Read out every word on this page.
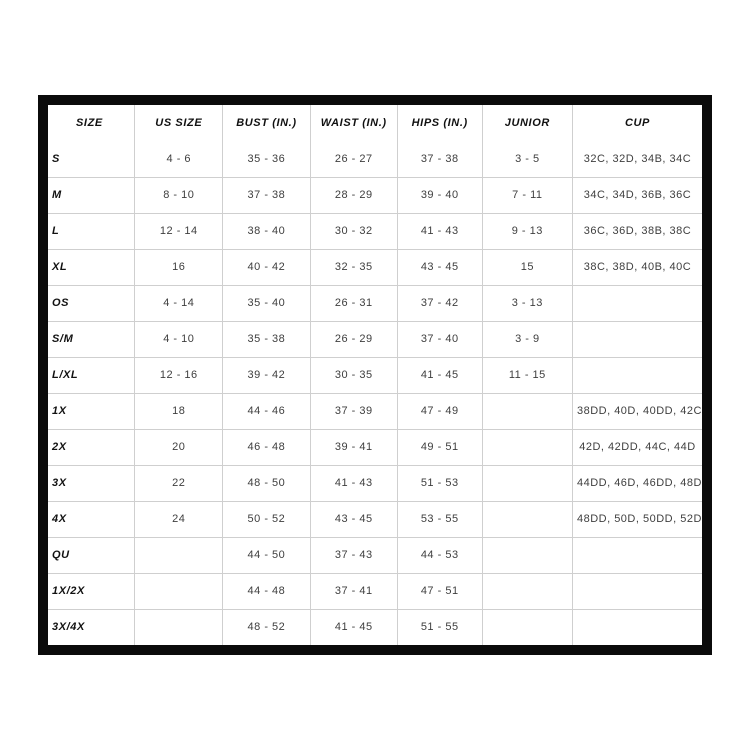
SIZE	US SIZE	BUST (IN.)	WAIST (IN.)	HIPS (IN.)	JUNIOR	CUP
S	4 - 6	35 - 36	26 - 27	37 - 38	3 - 5	32C, 32D, 34B, 34C
M	8 - 10	37 - 38	28 - 29	39 - 40	7 - 11	34C, 34D, 36B, 36C
L	12 - 14	38 - 40	30 - 32	41 - 43	9 - 13	36C, 36D, 38B, 38C
XL	16	40 - 42	32 - 35	43 - 45	15	38C, 38D, 40B, 40C
OS	4 - 14	35 - 40	26 - 31	37 - 42	3 - 13	
S/M	4 - 10	35 - 38	26 - 29	37 - 40	3 - 9	
L/XL	12 - 16	39 - 42	30 - 35	41 - 45	11 - 15	
1X	18	44 - 46	37 - 39	47 - 49		38DD, 40D, 40DD, 42C
2X	20	46 - 48	39 - 41	49 - 51		42D, 42DD, 44C, 44D
3X	22	48 - 50	41 - 43	51 - 53		44DD, 46D, 46DD, 48D
4X	24	50 - 52	43 - 45	53 - 55		48DD, 50D, 50DD, 52D
QU		44 - 50	37 - 43	44 - 53		
1X/2X		44 - 48	37 - 41	47 - 51		
3X/4X		48 - 52	41 - 45	51 - 55		
